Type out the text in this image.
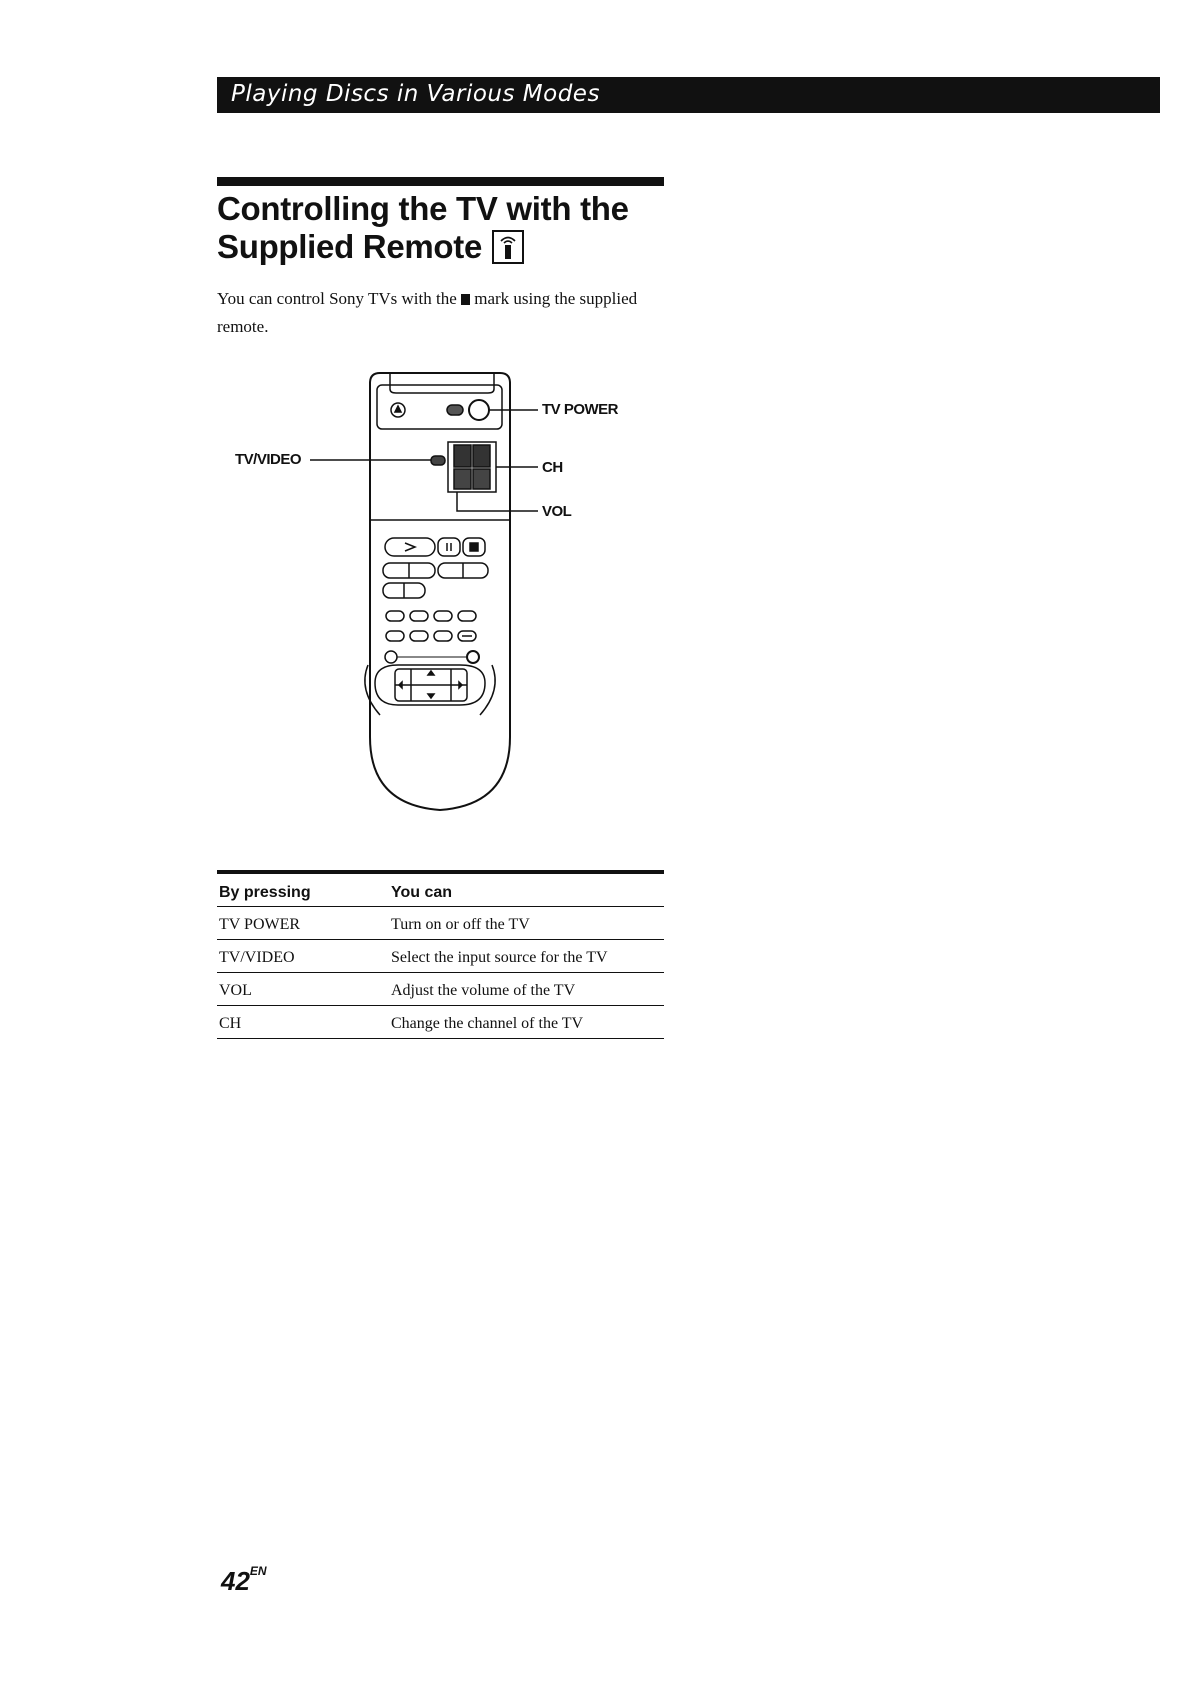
Playing Discs in Various Modes
Controlling the TV with the

Supplied Remote

You can control Sony TVs with the  mark using the supplied remote.

TV POWER
TV/VIDEO	CH
VOL
By pressing	You can
TV POWER	Turn on or off the TV
TV/VIDEO	Select the input source for the TV
VOL	Adjust the volume of the TV
CH	Change the channel of the TV
$42^{EN}$
